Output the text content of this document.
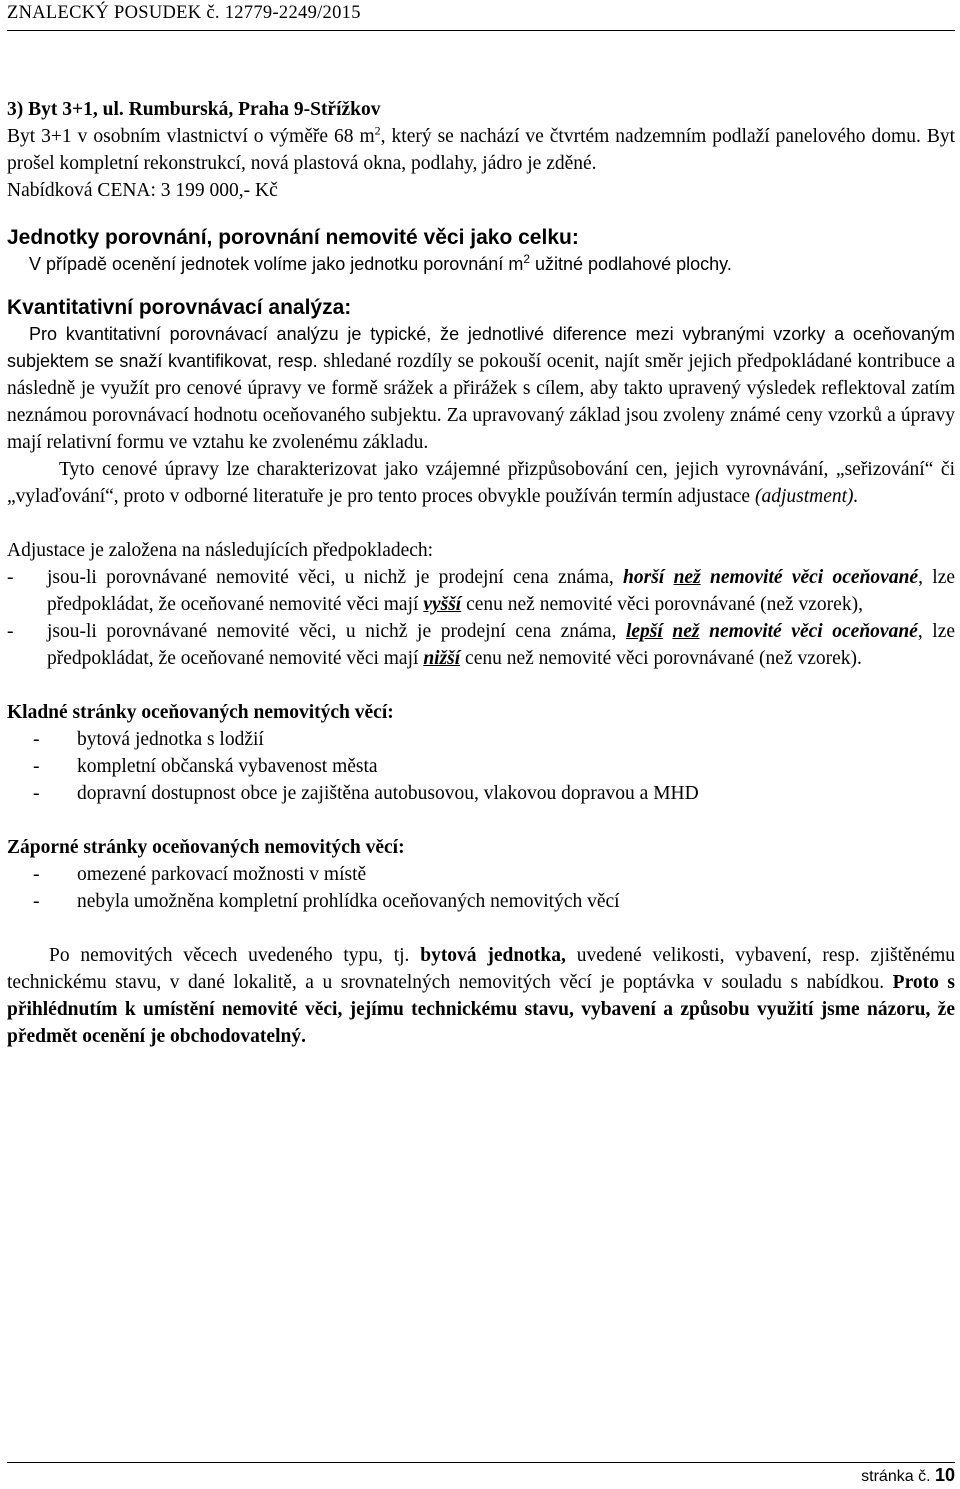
ZNALECKÝ POSUDEK č. 12779-2249/2015

3) Byt 3+1, ul. Rumburská, Praha 9-Střížkov

Byt 3+1 v osobním vlastnictví o výměře 68 $m^2$, který se nachází ve čtvrtém nadzemním podlaží panelového domu. Byt prošel kompletní rekonstrukcí, nová plastová okna, podlahy, jádro je zděné.

Nabídková CENA: 3 199 000,- Kč

Jednotky porovnání, porovnání nemovité věci jako celku:

V případě ocenění jednotek volíme jako jednotku porovnání $m^2$ užitné podlahové plochy.

Kvantitativní porovnávací analýza:

Pro kvantitativní porovnávací analýzu je typické, že jednotlivé diference mezi vybranými vzorky a oceňovaným subjektem se snaží kvantifikovat, resp. shledané rozdíly se pokouší ocenit, najít směr jejich předpokládané kontribuce a následně je využít pro cenové úpravy ve formě srážek a přirážek s cílem, aby takto upravený výsledek reflektoval zatím neznámou porovnávací hodnotu oceňovaného subjektu. Za upravovaný základ jsou zvoleny známé ceny vzorků a úpravy mají relativní formu ve vztahu ke zvolenému základu.

Tyto cenové úpravy lze charakterizovat jako vzájemné přizpůsobování cen, jejich vyrovnávání, „seřizování“ či „vylaďování“, proto v odborné literatuře je pro tento proces obvykle používán termín adjustace (adjustment).

Adjustace je založena na následujících předpokladech:

- jsou-li porovnávané nemovité věci, u nichž je prodejní cena známa, horší než nemovité věci oceňované, lze předpokládat, že oceňované nemovité věci mají vyšší cenu než nemovité věci porovnávané (než vzorek),
- jsou-li porovnávané nemovité věci, u nichž je prodejní cena známa, lepší než nemovité věci oceňované, lze předpokládat, že oceňované nemovité věci mají nižší cenu než nemovité věci porovnávané (než vzorek).

Kladné stránky oceňovaných nemovitých věcí:

- bytová jednotka s lodžií
- kompletní občanská vybavenost města
- dopravní dostupnost obce je zajištěna autobusovou, vlakovou dopravou a MHD

Záporné stránky oceňovaných nemovitých věcí:

- omezené parkovací možnosti v místě
- nebyla umožněna kompletní prohlídka oceňovaných nemovitých věcí

Po nemovitých věcech uvedeného typu, tj. bytová jednotka, uvedené velikosti, vybavení, resp. zjištěnému technickému stavu, v dané lokalitě, a u srovnatelných nemovitých věcí je poptávka v souladu s nabídkou. Proto s přihlédnutím k umístění nemovité věci, jejímu technickému stavu, vybavení a způsobu využití jsme názoru, že předmět ocenění je obchodovatelný.

stránka č. 10
